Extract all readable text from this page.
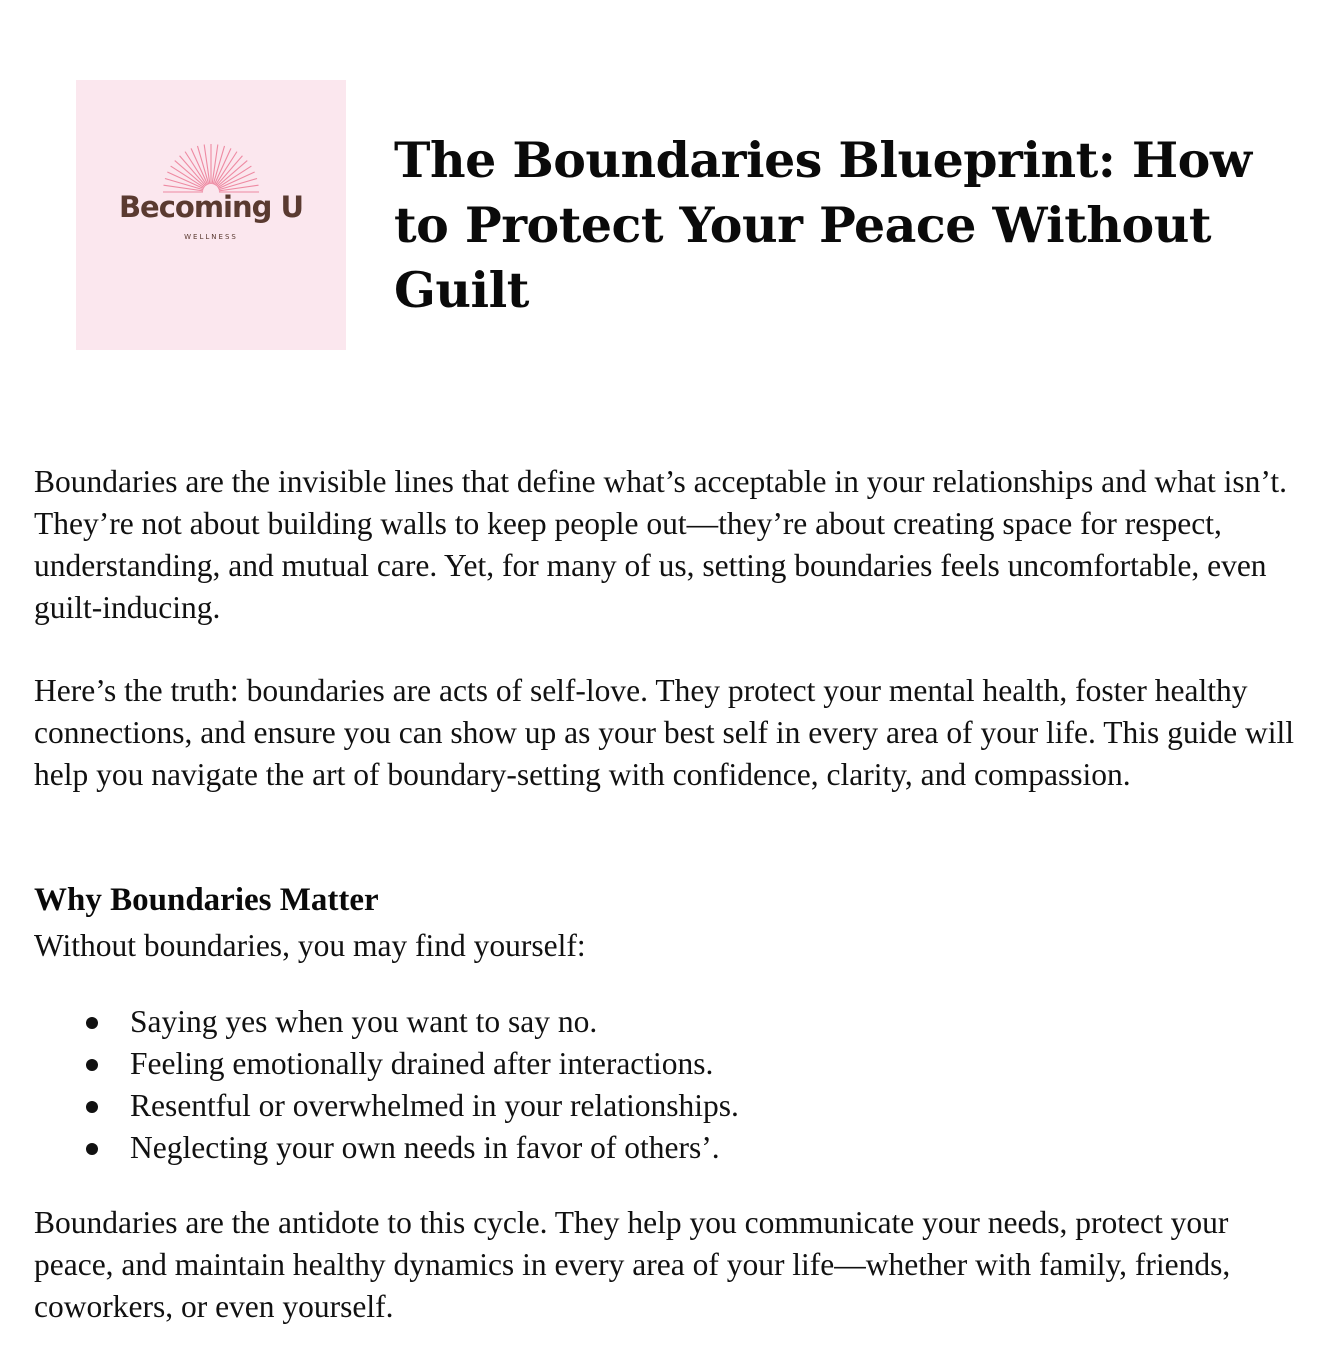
Becoming U
WELLNESS
The Boundaries Blueprint: How to Protect Your Peace Without Guilt

Boundaries are the invisible lines that define what’s acceptable in your relationships and what isn’t. They’re not about building walls to keep people out—they’re about creating space for respect, understanding, and mutual care. Yet, for many of us, setting boundaries feels uncomfortable, even guilt-inducing.

Here’s the truth: boundaries are acts of self-love. They protect your mental health, foster healthy connections, and ensure you can show up as your best self in every area of your life. This guide will help you navigate the art of boundary-setting with confidence, clarity, and compassion.

Why Boundaries Matter

Without boundaries, you may find yourself:

Saying yes when you want to say no.
Feeling emotionally drained after interactions.
Resentful or overwhelmed in your relationships.
Neglecting your own needs in favor of others’.

Boundaries are the antidote to this cycle. They help you communicate your needs, protect your peace, and maintain healthy dynamics in every area of your life—whether with family, friends, coworkers, or even yourself.
